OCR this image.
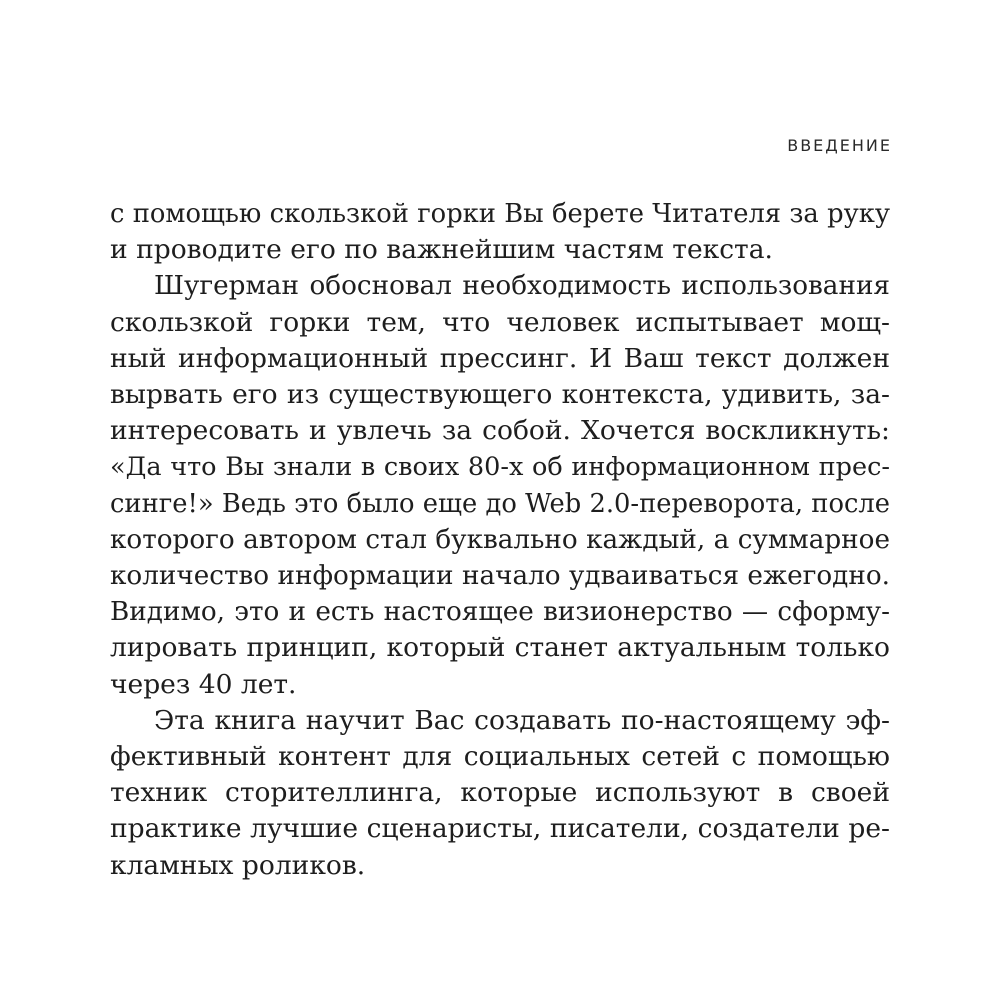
ВВЕДЕНИЕ
с помощью скользкой горки Вы берете Читателя за руку
и проводите его по важнейшим частям текста.
Шугерман обосновал необходимость использования
скользкой горки тем, что человек испытывает мощ-
ный информационный прессинг. И Ваш текст должен
вырвать его из существующего контекста, удивить, за-
интересовать и увлечь за собой. Хочется воскликнуть:
«Да что Вы знали в своих 80-х об информационном прес-
синге!» Ведь это было еще до Web 2.0-переворота, после
которого автором стал буквально каждый, а суммарное
количество информации начало удваиваться ежегодно.
Видимо, это и есть настоящее визионерство — сформу-
лировать принцип, который станет актуальным только
через 40 лет.
Эта книга научит Вас создавать по-настоящему эф-
фективный контент для социальных сетей с помощью
техник сторителлинга, которые используют в своей
практике лучшие сценаристы, писатели, создатели ре-
кламных роликов.
